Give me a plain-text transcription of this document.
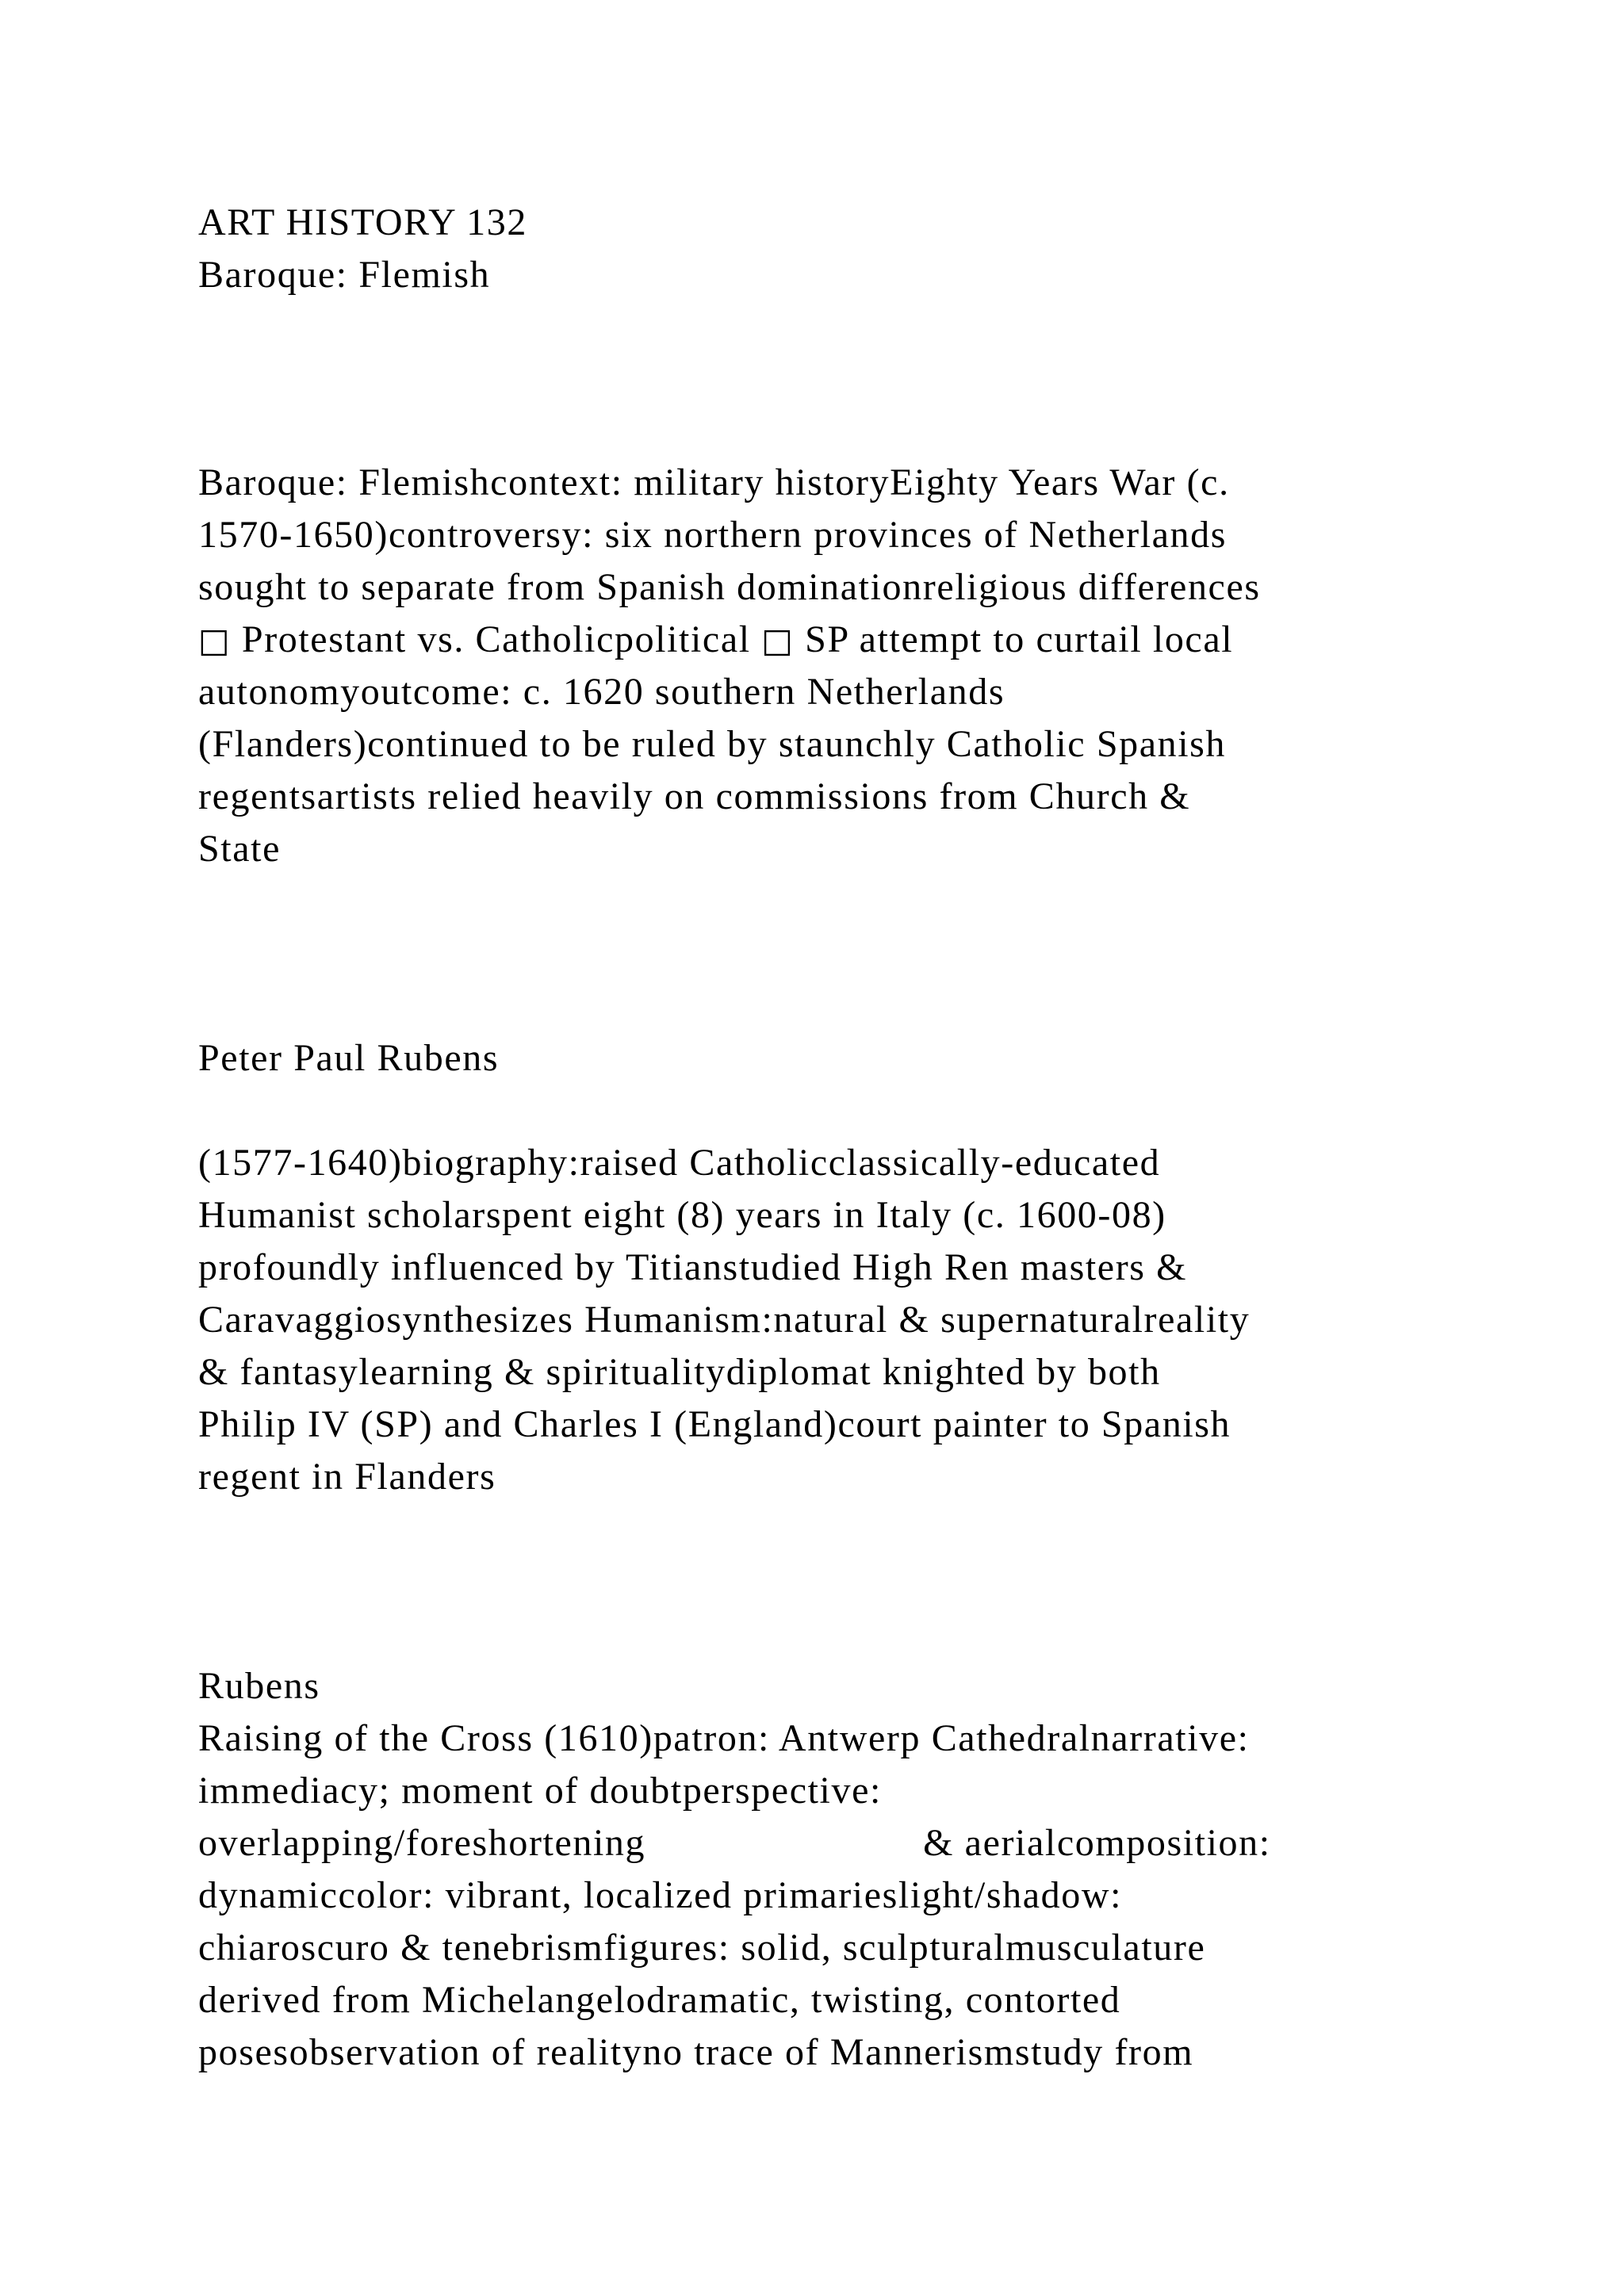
ART HISTORY 132
Baroque: Flemish
Baroque: Flemishcontext: military historyEighty Years War (c.
1570-1650)controversy: six northern provinces of Netherlands
sought to separate from Spanish dominationreligious differences
□ Protestant vs. Catholicpolitical □ SP attempt to curtail local
autonomyoutcome: c. 1620 southern Netherlands
(Flanders)continued to be ruled by staunchly Catholic Spanish
regentsartists relied heavily on commissions from Church &
State
Peter Paul Rubens
(1577-1640)biography:raised Catholicclassically-educated
Humanist scholarspent eight (8) years in Italy (c. 1600-08)
profoundly influenced by Titianstudied High Ren masters &
Caravaggiosynthesizes Humanism:natural & supernaturalreality
& fantasylearning & spiritualitydiplomat knighted by both
Philip IV (SP) and Charles I (England)court painter to Spanish
regent in Flanders
Rubens
Raising of the Cross (1610)patron: Antwerp Cathedralnarrative:
immediacy; moment of doubtperspective:
overlapping/foreshortening	& aerialcomposition:
dynamiccolor: vibrant, localized primarieslight/shadow:
chiaroscuro & tenebrismfigures: solid, sculpturalmusculature
derived from Michelangelodramatic, twisting, contorted
posesobservation of realityno trace of Mannerismstudy from
